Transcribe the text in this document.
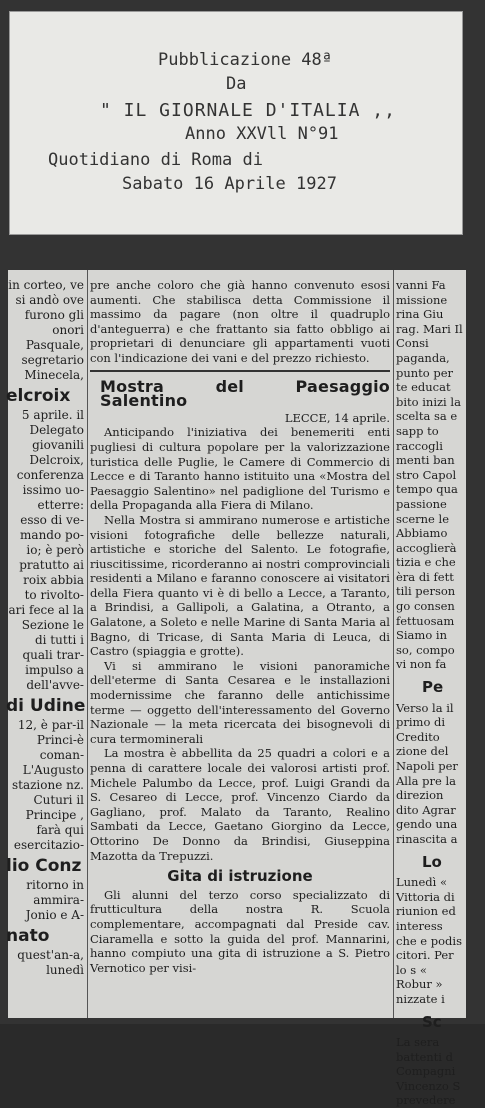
Pubblicazione 48ª
Da
" IL GIORNALE D'ITALIA ,,
Anno XXVll N°91
Quotidiano di Roma di
Sabato 16 Aprile 1927
in corteo, ve si andò ove furono gli onori Pasquale, segretario Minecela,
elcroix
5 aprile. il Delegato giovanili Delcroix, conferenza issimo uo-etterre: esso di ve-mando po-io; è però pratutto ai
roix abbia to rivolto-ari fece al la Sezione le di tutti i quali trar-impulso a dell'avve-
di Udine
12, è par-il Princi-è coman-L'Augusto stazione nz. Cuturi il Principe , farà qui esercitazio-
lio Conz
ritorno in ammira-Jonio e A-
nato
quest'an-a, lunedì
pre anche coloro che già hanno convenuto esosi aumenti. Che stabilisca detta Commissione il massimo da pagare (non oltre il quadruplo d'anteguerra) e che frattanto sia fatto obbligo ai proprietari di denunciare gli appartamenti vuoti con l'indicazione dei vani e del prezzo richiesto.
Mostra del Paesaggio Salentino

LECCE, 14 aprile.

Anticipando l'iniziativa dei benemeriti enti pugliesi di cultura popolare per la valorizzazione turistica delle Puglie, le Camere di Commercio di Lecce e di Taranto hanno istituito una «Mostra del Paesaggio Salentino» nel padiglione del Turismo e della Propaganda alla Fiera di Milano.

Nella Mostra si ammirano numerose e artistiche visioni fotografiche delle bellezze naturali, artistiche e storiche del Salento. Le fotografie, riuscitissime, ricorderanno ai nostri comprovinciali residenti a Milano e faranno conoscere ai visitatori della Fiera quanto vi è di bello a Lecce, a Taranto, a Brindisi, a Gallipoli, a Galatina, a Otranto, a Galatone, a Soleto e nelle Marine di Santa Maria al Bagno, di Tricase, di Santa Maria di Leuca, di Castro (spiaggia e grotte).

Vi si ammirano le visioni panoramiche dell'eterme di Santa Cesarea e le installazioni modernissime che faranno delle antichissime terme — oggetto dell'interessamento del Governo Nazionale — la meta ricercata dei bisognevoli di cura termominerali

La mostra è abbellita da 25 quadri a colori e a penna di carattere locale dei valorosi artisti prof. Michele Palumbo da Lecce, prof. Luigi Grandi da S. Cesareo di Lecce, prof. Vincenzo Ciardo da Gagliano, prof. Malato da Taranto, Realino Sambati da Lecce, Gaetano Giorgino da Lecce, Ottorino De Donno da Brindisi, Giuseppina Mazotta da Trepuzzi.

Gita di istruzione

Gli alunni del terzo corso specializzato di frutticultura della nostra R. Scuola complementare, accompagnati dal Preside cav. Ciaramella e sotto la guida del prof. Mannarini, hanno compiuto una gita di istruzione a S. Pietro Vernotico per visi-

vanni Fa missione rina Giu rag. Mari Il Consi paganda, punto per te educat bito inizi la scelta sa e sapp to raccogli menti ban stro Capol tempo qua passione scerne le Abbiamo accoglierà tizia e che èra di fett tili person go consen fettuosam Siamo in so, compo vi non fa
Pe
Verso la il primo di Credito zione del Napoli per Alla pre la direzion dito Agrar gendo una rinascita a
Lo
Lunedì « Vittoria di riunion ed interess che e podis citori. Per lo s « Robur » nizzate i
Sc
La sera battenti d Compagni Vincenzo S prevedere
